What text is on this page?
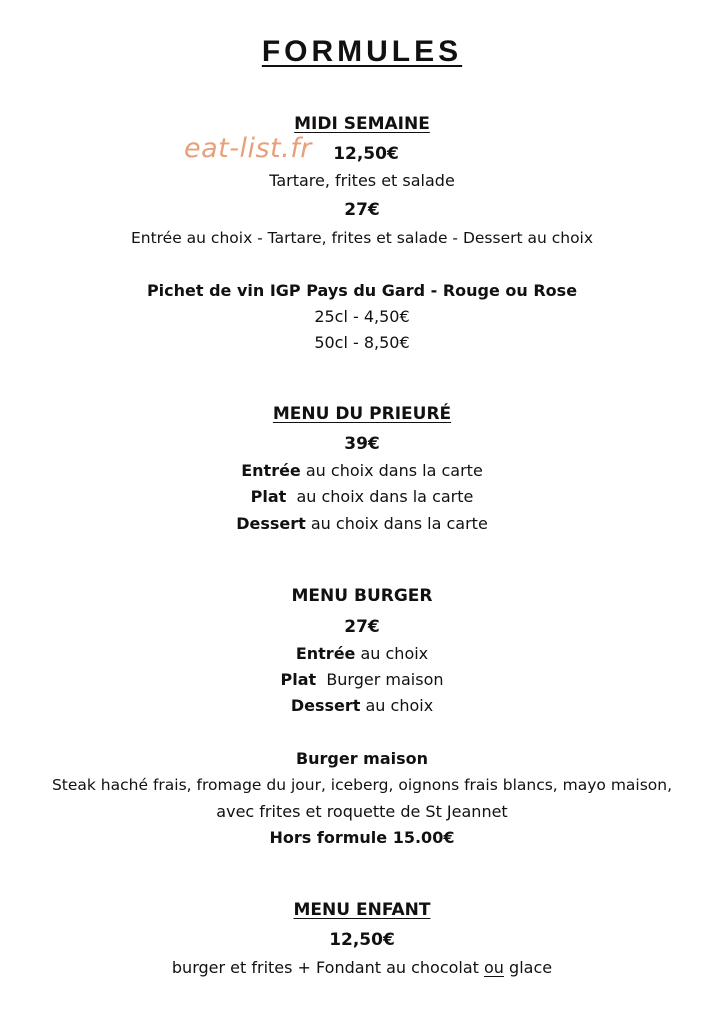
FORMULES
eat-list.fr
MIDI SEMAINE
12,50€
Tartare, frites et salade
27€
Entrée au choix - Tartare, frites et salade - Dessert au choix
Pichet de vin IGP Pays du Gard - Rouge ou Rose
25cl - 4,50€
50cl - 8,50€
MENU DU PRIEURÉ
39€
Entrée au choix dans la carte
Plat  au choix dans la carte
Dessert au choix dans la carte
MENU BURGER
27€
Entrée au choix
Plat  Burger maison
Dessert au choix
Burger maison
Steak haché frais, fromage du jour, iceberg, oignons frais blancs, mayo maison,
avec frites et roquette de St Jeannet
Hors formule 15.00€
MENU ENFANT
12,50€
burger et frites + Fondant au chocolat ou glace
